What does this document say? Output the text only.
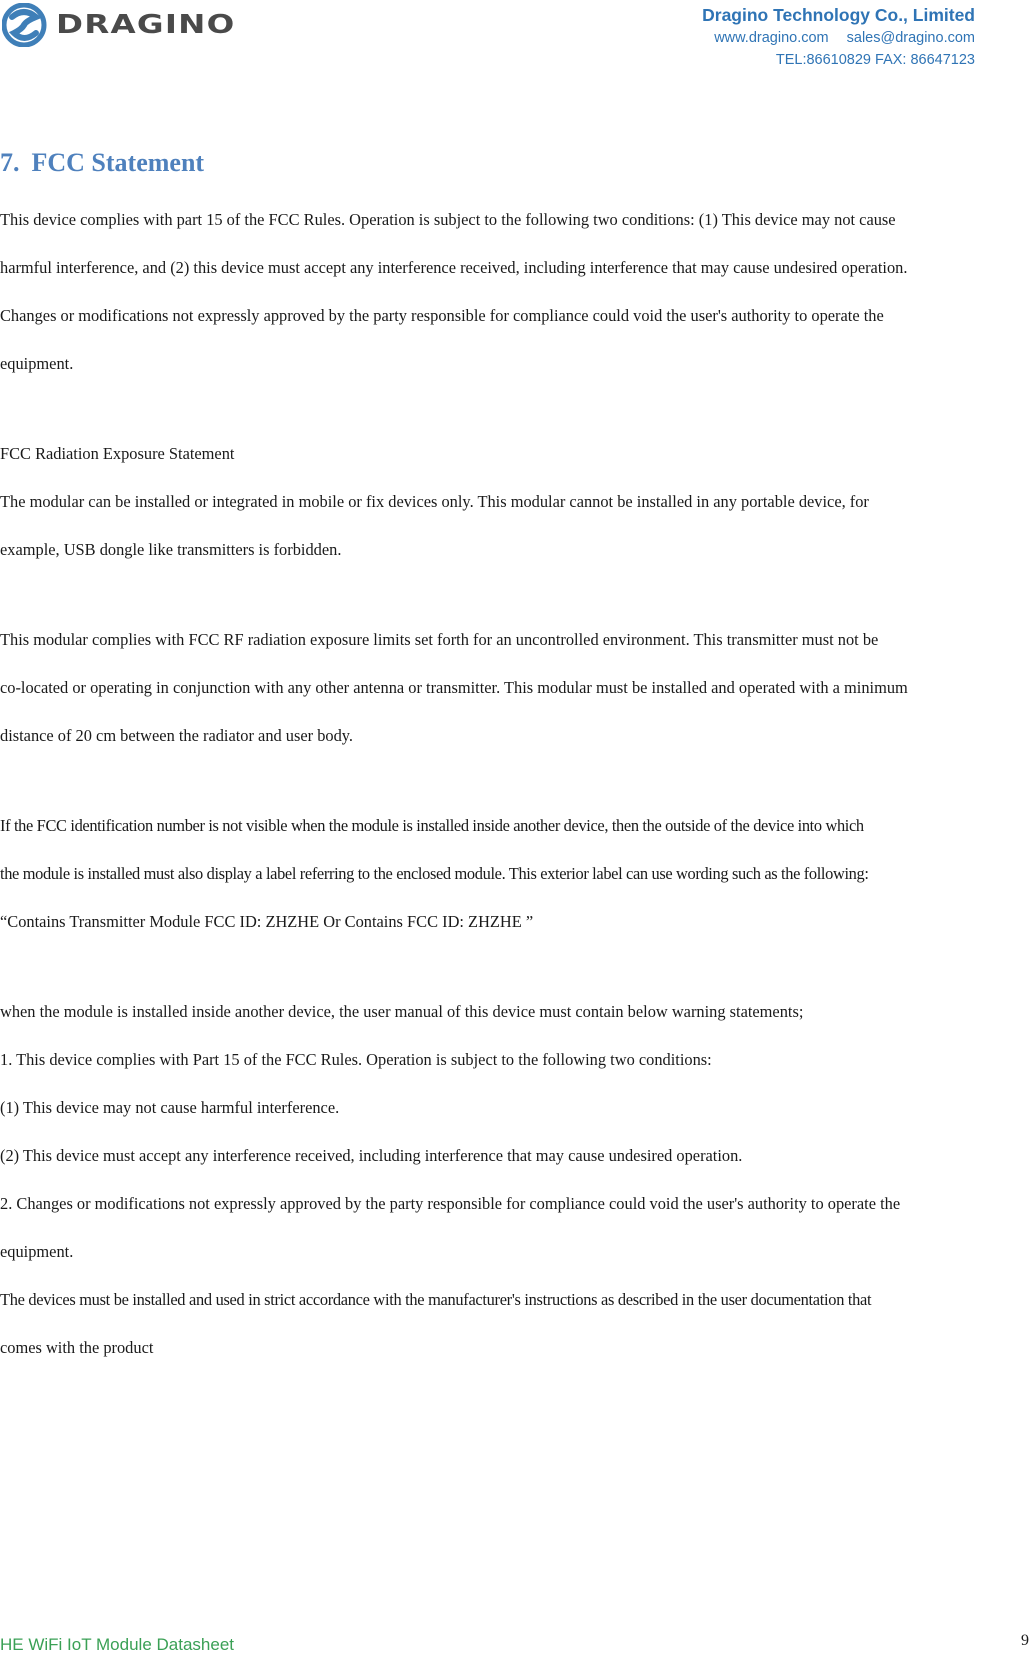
DRAGINO	Dragino Technology Co., Limited
www.dragino.com sales@dragino.com
TEL:86610829 FAX: 86647123
7. FCC Statement
This device complies with part 15 of the FCC Rules. Operation is subject to the following two conditions: (1) This device may not cause
harmful interference, and (2) this device must accept any interference received, including interference that may cause undesired operation.
Changes or modifications not expressly approved by the party responsible for compliance could void the user's authority to operate the
equipment.
FCC Radiation Exposure Statement
The modular can be installed or integrated in mobile or fix devices only. This modular cannot be installed in any portable device, for
example, USB dongle like transmitters is forbidden.
This modular complies with FCC RF radiation exposure limits set forth for an uncontrolled environment. This transmitter must not be
co-located or operating in conjunction with any other antenna or transmitter. This modular must be installed and operated with a minimum
distance of 20 cm between the radiator and user body.
If the FCC identification number is not visible when the module is installed inside another device, then the outside of the device into which
the module is installed must also display a label referring to the enclosed module. This exterior label can use wording such as the following:
“Contains Transmitter Module FCC ID: ZHZHE Or Contains FCC ID: ZHZHE ”
when the module is installed inside another device, the user manual of this device must contain below warning statements;
1. This device complies with Part 15 of the FCC Rules. Operation is subject to the following two conditions:
(1) This device may not cause harmful interference.
(2) This device must accept any interference received, including interference that may cause undesired operation.
2. Changes or modifications not expressly approved by the party responsible for compliance could void the user's authority to operate the
equipment.
The devices must be installed and used in strict accordance with the manufacturer's instructions as described in the user documentation that
comes with the product
HE WiFi IoT Module Datasheet	9
